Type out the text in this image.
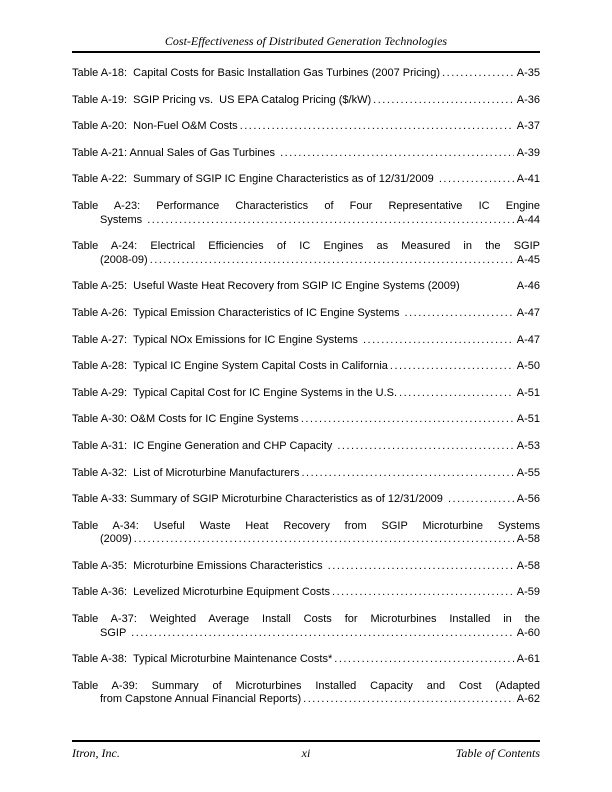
Cost-Effectiveness of Distributed Generation Technologies
Table A-18:  Capital Costs for Basic Installation Gas Turbines (2007 Pricing) .....	A-35
Table A-19:  SGIP Pricing vs.  US EPA Catalog Pricing ($/kW) .....	A-36
Table A-20:  Non-Fuel O&M Costs .....	A-37
Table A-21: Annual Sales of Gas Turbines .....	A-39
Table A-22:  Summary of SGIP IC Engine Characteristics as of 12/31/2009 .....	A-41
Table A-23: Performance Characteristics of Four Representative IC Engine
Systems .....	A-44
Table A-24: Electrical Efficiencies of IC Engines as Measured in the SGIP
(2008-09) .....	A-45
Table A-25:  Useful Waste Heat Recovery from SGIP IC Engine Systems (2009)	A-46
Table A-26:  Typical Emission Characteristics of IC Engine Systems .....	A-47
Table A-27:  Typical NOx Emissions for IC Engine Systems .....	A-47
Table A-28:  Typical IC Engine System Capital Costs in California .....	A-50
Table A-29:  Typical Capital Cost for IC Engine Systems in the U.S. .....	A-51
Table A-30: O&M Costs for IC Engine Systems .....	A-51
Table A-31:  IC Engine Generation and CHP Capacity .....	A-53
Table A-32:  List of Microturbine Manufacturers .....	A-55
Table A-33: Summary of SGIP Microturbine Characteristics as of 12/31/2009 .....	A-56
Table A-34: Useful Waste Heat Recovery from SGIP Microturbine Systems
(2009) .....	A-58
Table A-35:  Microturbine Emissions Characteristics .....	A-58
Table A-36:  Levelized Microturbine Equipment Costs .....	A-59
Table A-37: Weighted Average Install Costs for Microturbines Installed in the
SGIP .....	A-60
Table A-38:  Typical Microturbine Maintenance Costs* .....	A-61
Table A-39: Summary of Microturbines Installed Capacity and Cost (Adapted
from Capstone Annual Financial Reports) .....	A-62
Itron, Inc.	xi	Table of Contents
